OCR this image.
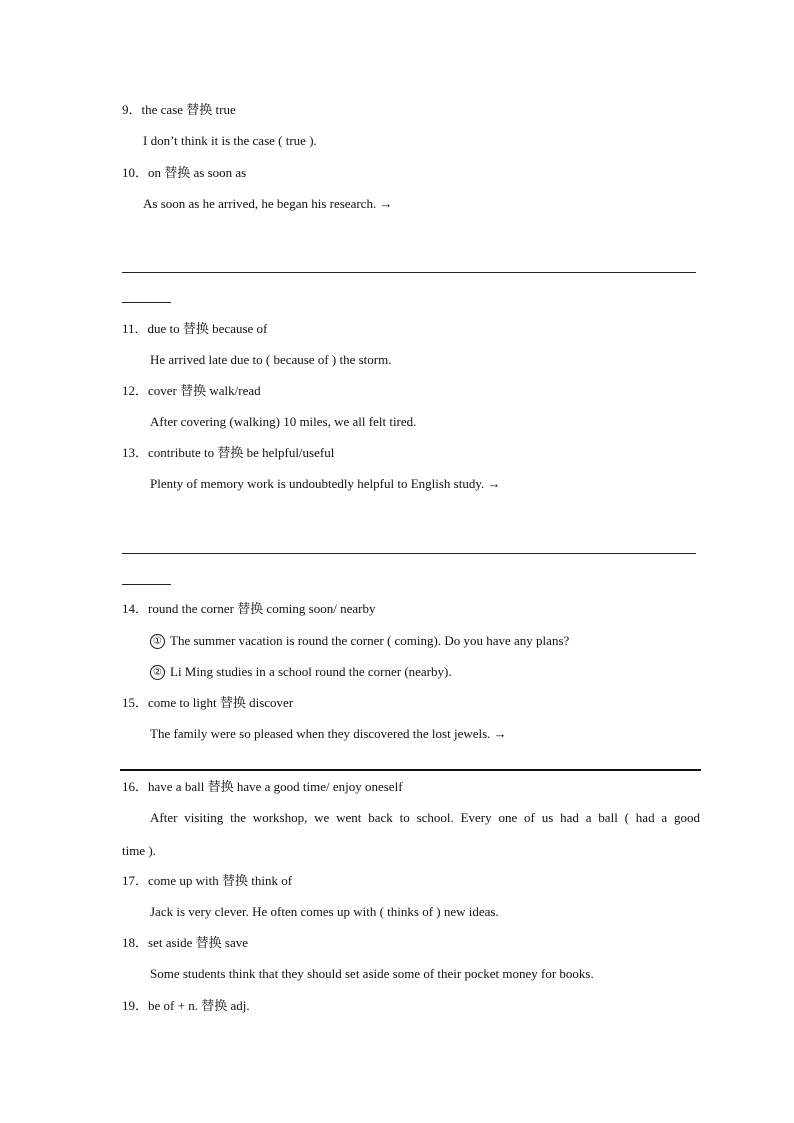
9．the case 替换 true
I don’t think it is the case ( true ).
10．on 替换 as soon as
As soon as he arrived, he began his research. →
11．due to 替换 because of
He arrived late due to ( because of ) the storm.
12．cover 替换 walk/read
After covering (walking) 10 miles, we all felt tired.
13．contribute to 替换 be helpful/useful
Plenty of memory work is undoubtedly helpful to English study. →
14．round the corner 替换 coming soon/ nearby
① The summer vacation is round the corner ( coming). Do you have any plans?
② Li Ming studies in a school round the corner (nearby).
15．come to light 替换 discover
The family were so pleased when they discovered the lost jewels. →
16．have a ball 替换 have a good time/ enjoy oneself
After visiting the workshop, we went back to school. Every one of us had a ball ( had a good
time ).
17．come up with 替换 think of
Jack is very clever. He often comes up with ( thinks of ) new ideas.
18．set aside 替换 save
Some students think that they should set aside some of their pocket money for books.
19．be of + n. 替换 adj.
